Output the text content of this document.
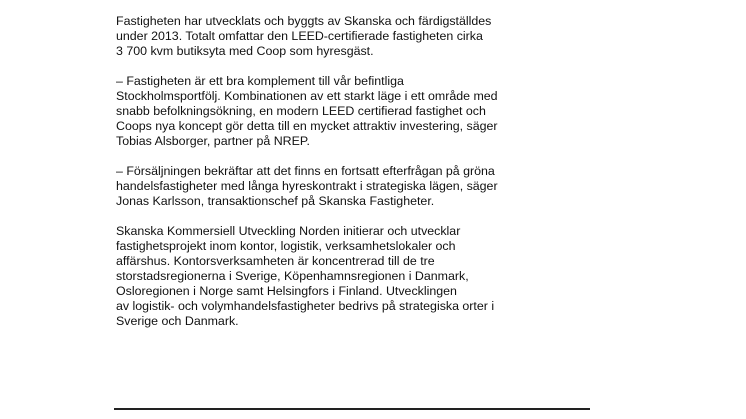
Fastigheten har utvecklats och byggts av Skanska och färdigställdes
under 2013. Totalt omfattar den LEED-certifierade fastigheten cirka
3 700 kvm butiksyta med Coop som hyresgäst.

– Fastigheten är ett bra komplement till vår befintliga
Stockholmsportfölj. Kombinationen av ett starkt läge i ett område med
snabb befolkningsökning, en modern LEED certifierad fastighet och
Coops nya koncept gör detta till en mycket attraktiv investering, säger
Tobias Alsborger, partner på NREP.

– Försäljningen bekräftar att det finns en fortsatt efterfrågan på gröna
handelsfastigheter med långa hyreskontrakt i strategiska lägen, säger
Jonas Karlsson, transaktionschef på Skanska Fastigheter.

Skanska Kommersiell Utveckling Norden initierar och utvecklar
fastighetsprojekt inom kontor, logistik, verksamhetslokaler och
affärshus. Kontorsverksamheten är koncentrerad till de tre
storstadsregionerna i Sverige, Köpenhamnsregionen i Danmark,
Osloregionen i Norge samt Helsingfors i Finland. Utvecklingen
av logistik- och volymhandelsfastigheter bedrivs på strategiska orter i
Sverige och Danmark.
